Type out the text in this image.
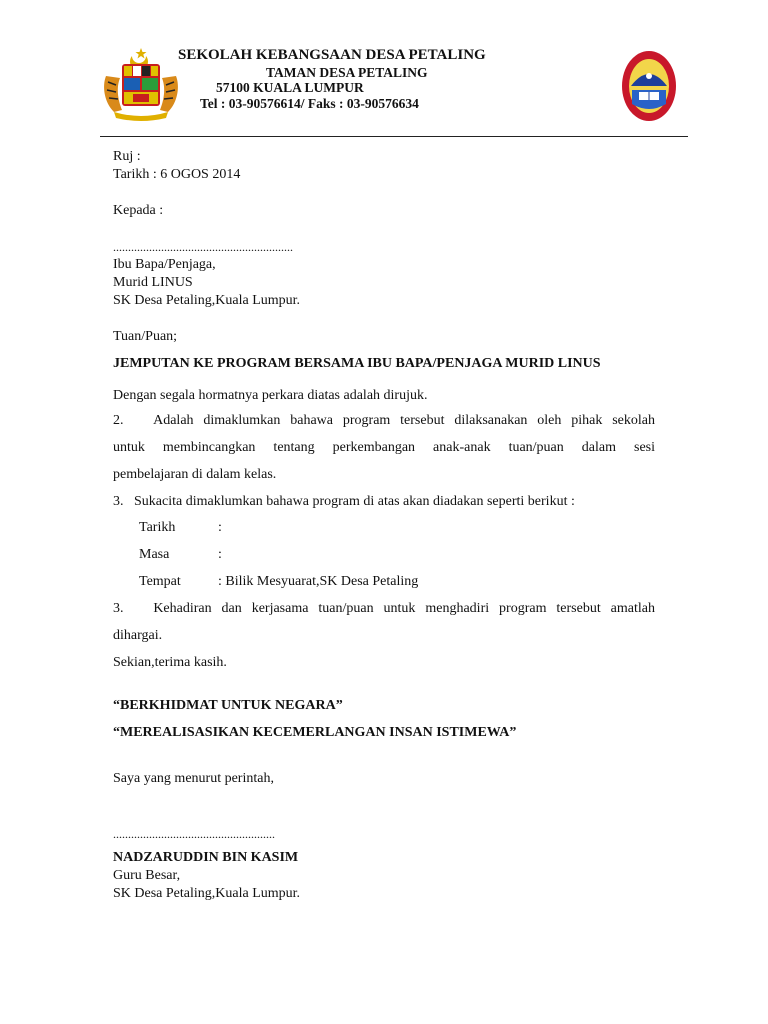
SEKOLAH KEBANGSAAN DESA PETALING
TAMAN DESA PETALING
57100 KUALA LUMPUR
Tel : 03-90576614/ Faks : 03-90576634
Ruj :
Tarikh : 6 OGOS 2014
Kepada :
............................................................
Ibu Bapa/Penjaga,
Murid LINUS
SK Desa Petaling,Kuala Lumpur.
Tuan/Puan;
JEMPUTAN KE PROGRAM BERSAMA IBU BAPA/PENJAGA MURID LINUS
Dengan segala hormatnya perkara diatas adalah dirujuk.
2.   Adalah dimaklumkan bahawa program tersebut dilaksanakan oleh pihak sekolah
untuk membincangkan tentang perkembangan anak-anak tuan/puan dalam sesi
pembelajaran di dalam kelas.
3.   Sukacita dimaklumkan bahawa program di atas akan diadakan seperti berikut :
Tarikh	:
Masa	:
Tempat	: Bilik Mesyuarat,SK Desa Petaling
3.   Kehadiran dan kerjasama tuan/puan untuk menghadiri program tersebut amatlah
dihargai.
Sekian,terima kasih.
“BERKHIDMAT UNTUK NEGARA”
“MEREALISASIKAN KECEMERLANGAN INSAN ISTIMEWA”
Saya yang menurut perintah,
......................................................
NADZARUDDIN BIN KASIM
Guru Besar,
SK Desa Petaling,Kuala Lumpur.
